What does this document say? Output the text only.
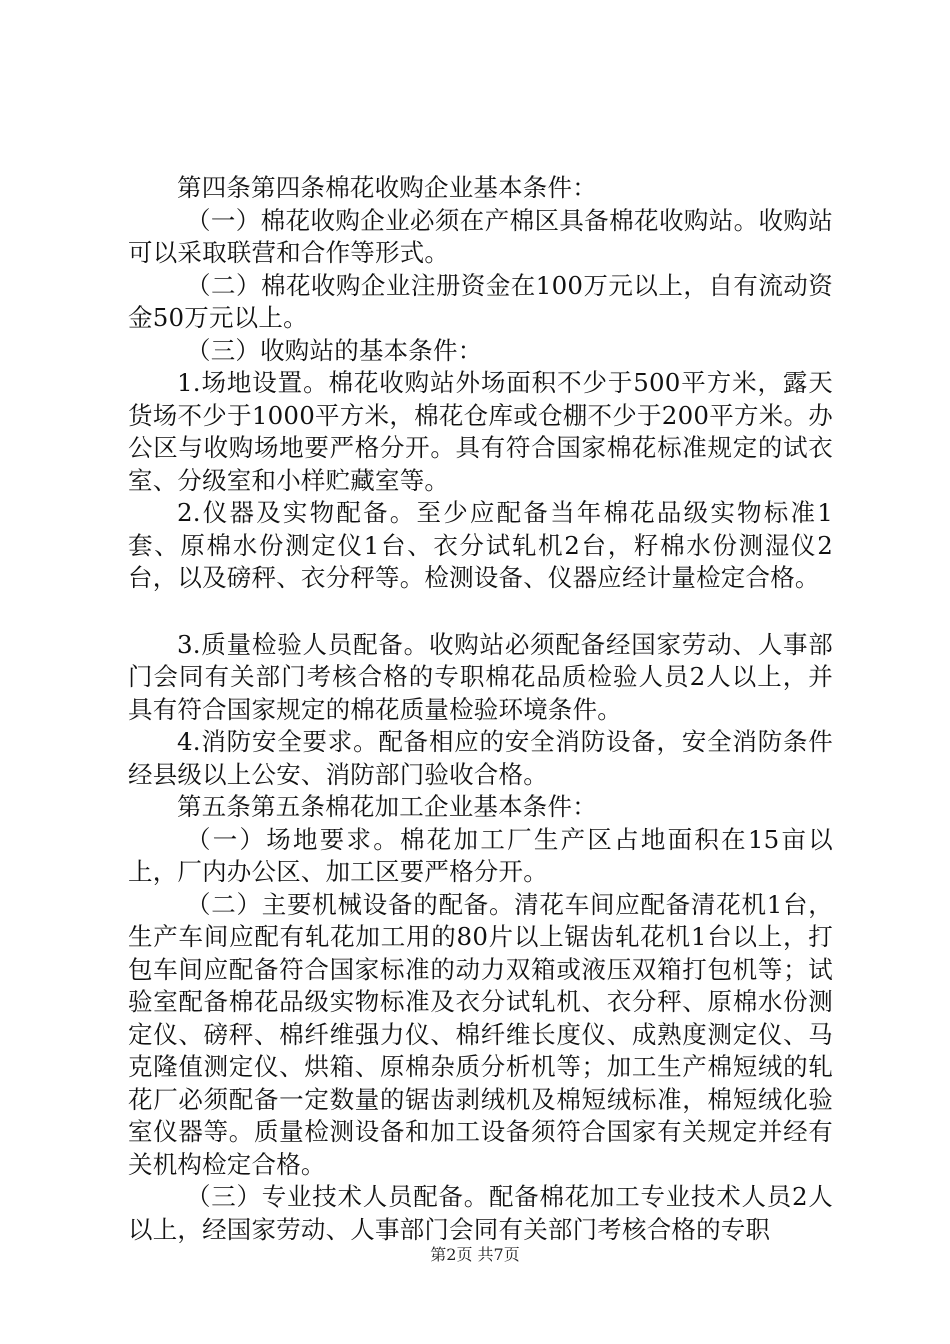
第四条第四条棉花收购企业基本条件：

（一）棉花收购企业必须在产棉区具备棉花收购站。收购站可以采取联营和合作等形式。

（二）棉花收购企业注册资金在100万元以上，自有流动资金50万元以上。

（三）收购站的基本条件：

1.场地设置。棉花收购站外场面积不少于500平方米，露天货场不少于1000平方米，棉花仓库或仓棚不少于200平方米。办公区与收购场地要严格分开。具有符合国家棉花标准规定的试衣室、分级室和小样贮藏室等。

2.仪器及实物配备。至少应配备当年棉花品级实物标准1套、原棉水份测定仪1台、衣分试轧机2台，籽棉水份测湿仪2台，以及磅秤、衣分秤等。检测设备、仪器应经计量检定合格。

3.质量检验人员配备。收购站必须配备经国家劳动、人事部门会同有关部门考核合格的专职棉花品质检验人员2人以上，并具有符合国家规定的棉花质量检验环境条件。

4.消防安全要求。配备相应的安全消防设备，安全消防条件经县级以上公安、消防部门验收合格。

第五条第五条棉花加工企业基本条件：

（一）场地要求。棉花加工厂生产区占地面积在15亩以上，厂内办公区、加工区要严格分开。

（二）主要机械设备的配备。清花车间应配备清花机1台，生产车间应配有轧花加工用的80片以上锯齿轧花机1台以上，打包车间应配备符合国家标准的动力双箱或液压双箱打包机等；试验室配备棉花品级实物标准及衣分试轧机、衣分秤、原棉水份测定仪、磅秤、棉纤维强力仪、棉纤维长度仪、成熟度测定仪、马克隆值测定仪、烘箱、原棉杂质分析机等；加工生产棉短绒的轧花厂必须配备一定数量的锯齿剥绒机及棉短绒标准，棉短绒化验室仪器等。质量检测设备和加工设备须符合国家有关规定并经有关机构检定合格。

（三）专业技术人员配备。配备棉花加工专业技术人员2人以上，经国家劳动、人事部门会同有关部门考核合格的专职

第2页 共7页
